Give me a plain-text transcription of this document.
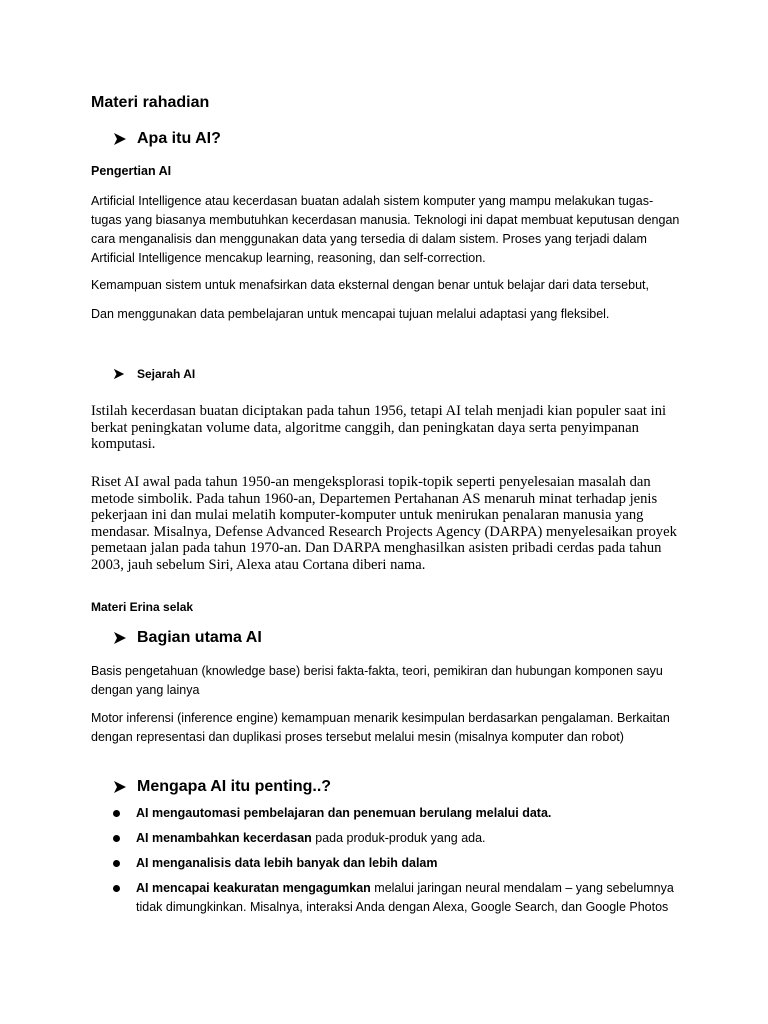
Materi rahadian
Apa itu AI?
Pengertian AI

Artificial Intelligence atau kecerdasan buatan adalah sistem komputer yang mampu melakukan tugas-tugas yang biasanya membutuhkan kecerdasan manusia. Teknologi ini dapat membuat keputusan dengan cara menganalisis dan menggunakan data yang tersedia di dalam sistem. Proses yang terjadi dalam Artificial Intelligence mencakup learning, reasoning, dan self-correction.

Kemampuan sistem untuk menafsirkan data eksternal dengan benar untuk belajar dari data tersebut,

Dan menggunakan data pembelajaran untuk mencapai tujuan melalui adaptasi yang fleksibel.

Sejarah AI

Istilah kecerdasan buatan diciptakan pada tahun 1956, tetapi AI telah menjadi kian populer saat ini berkat peningkatan volume data, algoritme canggih, dan peningkatan daya serta penyimpanan komputasi.

Riset AI awal pada tahun 1950-an mengeksplorasi topik-topik seperti penyelesaian masalah dan metode simbolik. Pada tahun 1960-an, Departemen Pertahanan AS menaruh minat terhadap jenis pekerjaan ini dan mulai melatih komputer-komputer untuk menirukan penalaran manusia yang mendasar. Misalnya, Defense Advanced Research Projects Agency (DARPA) menyelesaikan proyek pemetaan jalan pada tahun 1970-an. Dan DARPA menghasilkan asisten pribadi cerdas pada tahun 2003, jauh sebelum Siri, Alexa atau Cortana diberi nama.

Materi Erina selak
Bagian utama AI

Basis pengetahuan (knowledge base) berisi fakta-fakta, teori, pemikiran dan hubungan komponen sayu dengan yang lainya

Motor inferensi (inference engine) kemampuan menarik kesimpulan berdasarkan pengalaman. Berkaitan dengan representasi dan duplikasi proses tersebut melalui mesin (misalnya komputer dan robot)

Mengapa AI itu penting..?
AI mengautomasi pembelajaran dan penemuan berulang melalui data.
AI menambahkan kecerdasan pada produk-produk yang ada.
AI menganalisis data lebih banyak dan lebih dalam
AI mencapai keakuratan mengagumkan melalui jaringan neural mendalam – yang sebelumnya tidak dimungkinkan. Misalnya, interaksi Anda dengan Alexa, Google Search, dan Google Photos
